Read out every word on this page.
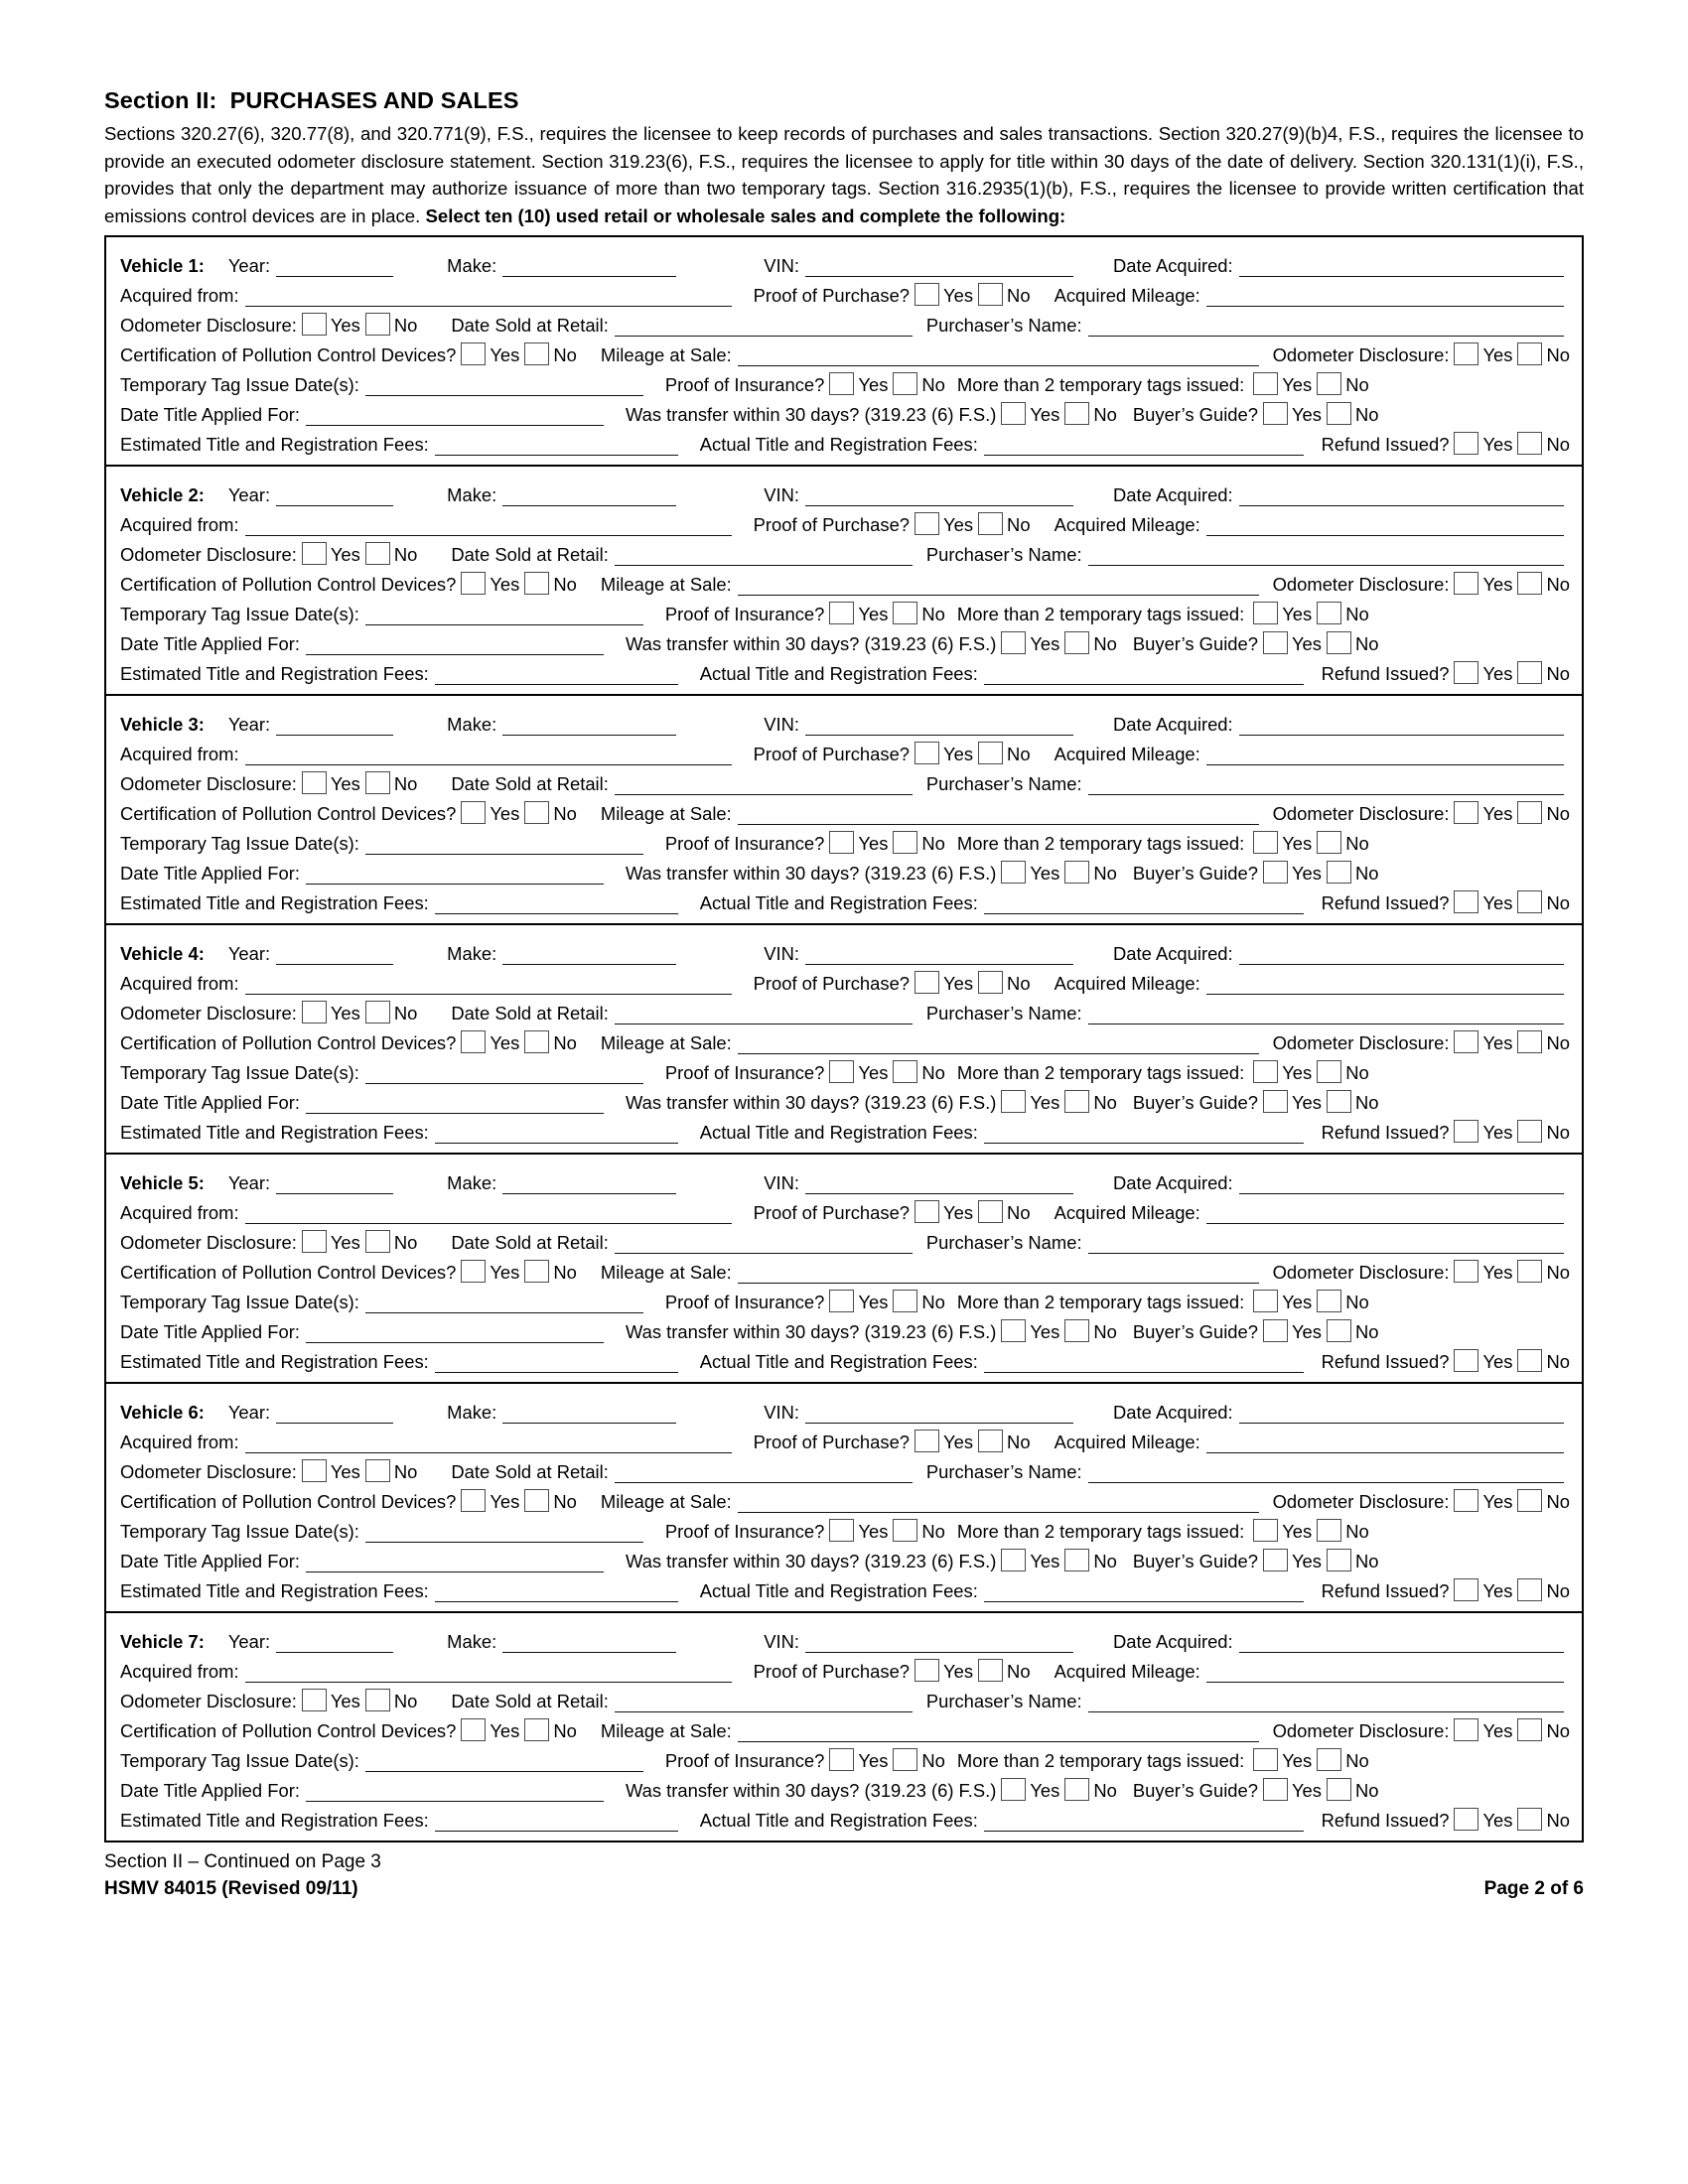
Section II:  PURCHASES AND SALES

Sections 320.27(6), 320.77(8), and 320.771(9), F.S., requires the licensee to keep records of purchases and sales transactions. Section 320.27(9)(b)4, F.S., requires the licensee to provide an executed odometer disclosure statement. Section 319.23(6), F.S., requires the licensee to apply for title within 30 days of the date of delivery. Section 320.131(1)(i), F.S., provides that only the department may authorize issuance of more than two temporary tags. Section 316.2935(1)(b), F.S., requires the licensee to provide written certification that emissions control devices are in place. Select ten (10) used retail or wholesale sales and complete the following:

Vehicle 1: Year:	Make:	VIN:	Date Acquired:
Acquired from:	Proof of Purchase? Yes No Acquired Mileage:
Odometer Disclosure: Yes No Date Sold at Retail:	Purchaser’s Name:
Certification of Pollution Control Devices? Yes No Mileage at Sale:	Odometer Disclosure: Yes No
Temporary Tag Issue Date(s):	Proof of Insurance? Yes No More than 2 temporary tags issued: Yes No
Date Title Applied For:	Was transfer within 30 days? (319.23 (6) F.S.) Yes No Buyer’s Guide? Yes No
Estimated Title and Registration Fees:	Actual Title and Registration Fees:	Refund Issued? Yes No
Vehicle 2: Year:	Make:	VIN:	Date Acquired:
Acquired from:	Proof of Purchase? Yes No Acquired Mileage:
Odometer Disclosure: Yes No Date Sold at Retail:	Purchaser’s Name:
Certification of Pollution Control Devices? Yes No Mileage at Sale:	Odometer Disclosure: Yes No
Temporary Tag Issue Date(s):	Proof of Insurance? Yes No More than 2 temporary tags issued: Yes No
Date Title Applied For:	Was transfer within 30 days? (319.23 (6) F.S.) Yes No Buyer’s Guide? Yes No
Estimated Title and Registration Fees:	Actual Title and Registration Fees:	Refund Issued? Yes No
Vehicle 3: Year:	Make:	VIN:	Date Acquired:
Acquired from:	Proof of Purchase? Yes No Acquired Mileage:
Odometer Disclosure: Yes No Date Sold at Retail:	Purchaser’s Name:
Certification of Pollution Control Devices? Yes No Mileage at Sale:	Odometer Disclosure: Yes No
Temporary Tag Issue Date(s):	Proof of Insurance? Yes No More than 2 temporary tags issued: Yes No
Date Title Applied For:	Was transfer within 30 days? (319.23 (6) F.S.) Yes No Buyer’s Guide? Yes No
Estimated Title and Registration Fees:	Actual Title and Registration Fees:	Refund Issued? Yes No
Vehicle 4: Year:	Make:	VIN:	Date Acquired:
Acquired from:	Proof of Purchase? Yes No Acquired Mileage:
Odometer Disclosure: Yes No Date Sold at Retail:	Purchaser’s Name:
Certification of Pollution Control Devices? Yes No Mileage at Sale:	Odometer Disclosure: Yes No
Temporary Tag Issue Date(s):	Proof of Insurance? Yes No More than 2 temporary tags issued: Yes No
Date Title Applied For:	Was transfer within 30 days? (319.23 (6) F.S.) Yes No Buyer’s Guide? Yes No
Estimated Title and Registration Fees:	Actual Title and Registration Fees:	Refund Issued? Yes No
Vehicle 5: Year:	Make:	VIN:	Date Acquired:
Acquired from:	Proof of Purchase? Yes No Acquired Mileage:
Odometer Disclosure: Yes No Date Sold at Retail:	Purchaser’s Name:
Certification of Pollution Control Devices? Yes No Mileage at Sale:	Odometer Disclosure: Yes No
Temporary Tag Issue Date(s):	Proof of Insurance? Yes No More than 2 temporary tags issued: Yes No
Date Title Applied For:	Was transfer within 30 days? (319.23 (6) F.S.) Yes No Buyer’s Guide? Yes No
Estimated Title and Registration Fees:	Actual Title and Registration Fees:	Refund Issued? Yes No
Vehicle 6: Year:	Make:	VIN:	Date Acquired:
Acquired from:	Proof of Purchase? Yes No Acquired Mileage:
Odometer Disclosure: Yes No Date Sold at Retail:	Purchaser’s Name:
Certification of Pollution Control Devices? Yes No Mileage at Sale:	Odometer Disclosure: Yes No
Temporary Tag Issue Date(s):	Proof of Insurance? Yes No More than 2 temporary tags issued: Yes No
Date Title Applied For:	Was transfer within 30 days? (319.23 (6) F.S.) Yes No Buyer’s Guide? Yes No
Estimated Title and Registration Fees:	Actual Title and Registration Fees:	Refund Issued? Yes No
Vehicle 7: Year:	Make:	VIN:	Date Acquired:
Acquired from:	Proof of Purchase? Yes No Acquired Mileage:
Odometer Disclosure: Yes No Date Sold at Retail:	Purchaser’s Name:
Certification of Pollution Control Devices? Yes No Mileage at Sale:	Odometer Disclosure: Yes No
Temporary Tag Issue Date(s):	Proof of Insurance? Yes No More than 2 temporary tags issued: Yes No
Date Title Applied For:	Was transfer within 30 days? (319.23 (6) F.S.) Yes No Buyer’s Guide? Yes No
Estimated Title and Registration Fees:	Actual Title and Registration Fees:	Refund Issued? Yes No
Section II – Continued on Page 3
HSMV 84015 (Revised 09/11)	Page 2 of 6
